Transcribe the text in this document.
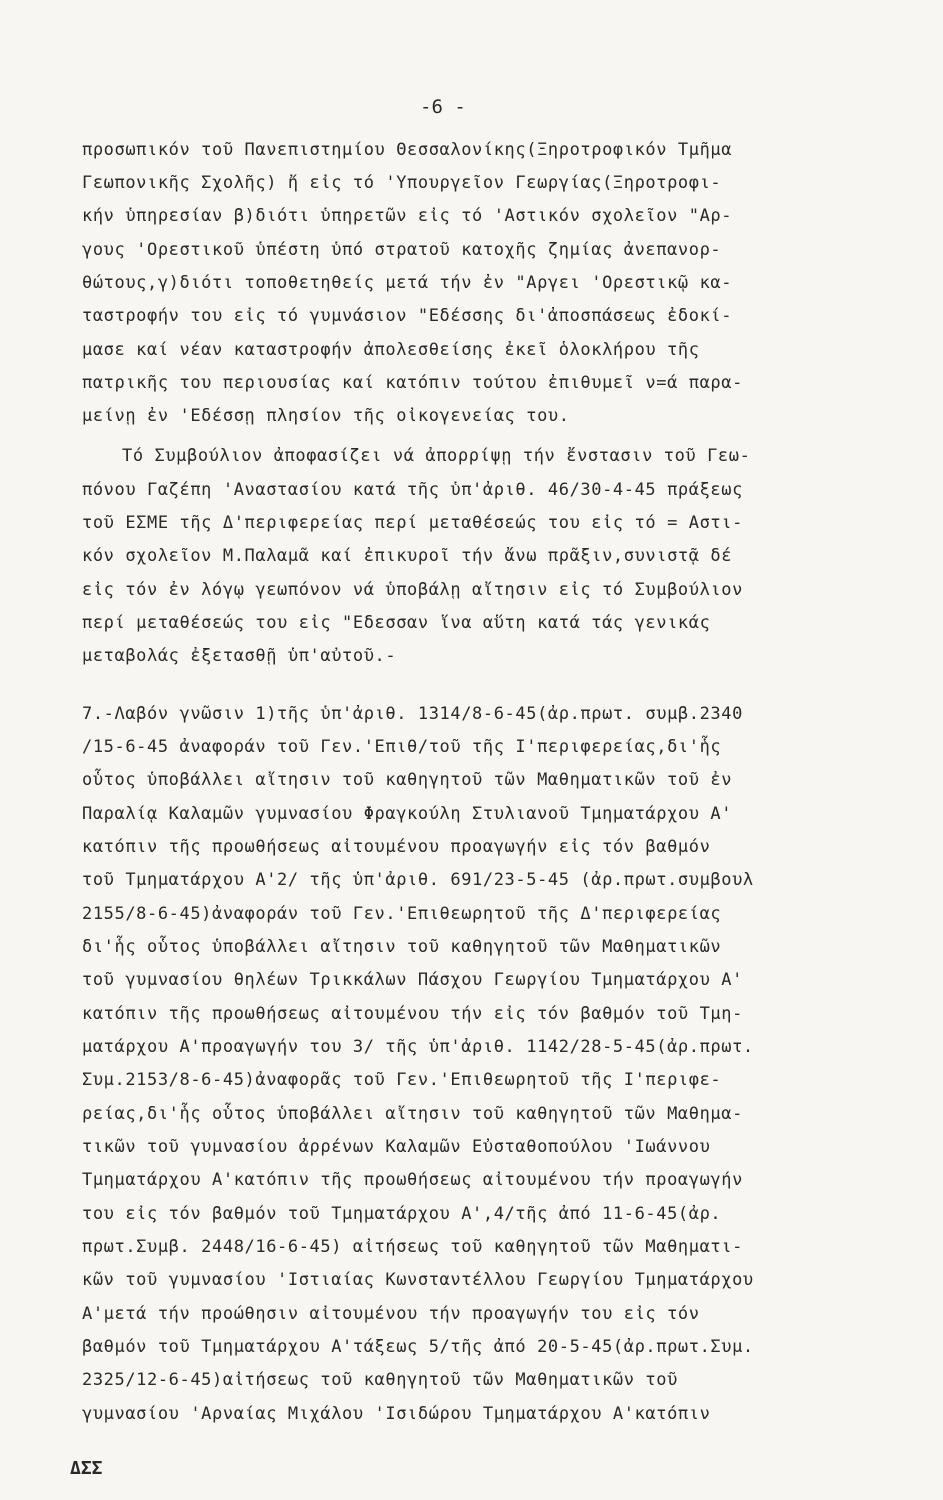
-6 -
προσωπικόν τοῦ Πανεπιστημίου Θεσσαλονίκης(Ξηροτροφικόν Τμῆμα
Γεωπονικῆς Σχολῆς) ἤ εἰς τό 'Υπουργεῖον Γεωργίας(Ξηροτροφι-
κήν ὑπηρεσίαν β)διότι ὑπηρετῶν εἰς τό 'Αστικόν σχολεῖον "Αρ-
γους 'Ορεστικοῦ ὑπέστη ὑπό στρατοῦ κατοχῆς ζημίας ἀνεπανορ-
θώτους,γ)διότι τοποθετηθείς μετά τήν ἐν "Αργει 'Ορεστικῷ κα-
ταστροφήν του εἰς τό γυμνάσιον "Εδέσσης δι'ἀποσπάσεως ἐδοκί-
μασε καί νέαν καταστροφήν ἀπολεσθείσης ἐκεῖ ὁλοκλήρου τῆς
πατρικῆς του περιουσίας καί κατόπιν τούτου ἐπιθυμεῖ ν=ά παρα-
μείνῃ ἐν 'Εδέσσῃ πλησίον τῆς οἰκογενείας του.
Τό Συμβούλιον ἀποφασίζει νά ἀπορρίψῃ τήν ἔνστασιν τοῦ Γεω-
πόνου Γαζέπη 'Αναστασίου κατά τῆς ὑπ'ἀριθ. 46/30-4-45 πράξεως
τοῦ ΕΣΜΕ τῆς Δ'περιφερείας περί μεταθέσεώς του εἰς τό = Αστι-
κόν σχολεῖον Μ.Παλαμᾶ καί ἐπικυροῖ τήν ἄνω πρᾶξιν,συνιστᾷ δέ
εἰς τόν ἐν λόγῳ γεωπόνον νά ὑποβάλῃ αἴτησιν εἰς τό Συμβούλιον
περί μεταθέσεώς του εἰς "Εδεσσαν ἵνα αὕτη κατά τάς γενικάς
μεταβολάς ἐξετασθῇ ὑπ'αὐτοῦ.-
7.-Λαβόν γνῶσιν 1)τῆς ὑπ'ἀριθ. 1314/8-6-45(ἀρ.πρωτ. συμβ.2340
/15-6-45 ἀναφοράν τοῦ Γεν.'Επιθ/τοῦ τῆς Ι'περιφερείας,δι'ἧς
οὗτος ὑποβάλλει αἴτησιν τοῦ καθηγητοῦ τῶν Μαθηματικῶν τοῦ ἐν
Παραλίᾳ Καλαμῶν γυμνασίου Φραγκούλη Στυλιανοῦ Τμηματάρχου Α'
κατόπιν τῆς προωθήσεως αἰτουμένου προαγωγήν εἰς τόν βαθμόν
τοῦ Τμηματάρχου Α'2/ τῆς ὑπ'ἀριθ. 691/23-5-45 (ἀρ.πρωτ.συμβουλ
2155/8-6-45)ἀναφοράν τοῦ Γεν.'Επιθεωρητοῦ τῆς Δ'περιφερείας
δι'ἧς οὗτος ὑποβάλλει αἴτησιν τοῦ καθηγητοῦ τῶν Μαθηματικῶν
τοῦ γυμνασίου θηλέων Τρικκάλων Πάσχου Γεωργίου Τμηματάρχου Α'
κατόπιν τῆς προωθήσεως αἰτουμένου τήν εἰς τόν βαθμόν τοῦ Τμη-
ματάρχου Α'προαγωγήν του 3/ τῆς ὑπ'ἀριθ. 1142/28-5-45(ἀρ.πρωτ.
Συμ.2153/8-6-45)ἀναφορᾶς τοῦ Γεν.'Επιθεωρητοῦ τῆς Ι'περιφε-
ρείας,δι'ἧς οὗτος ὑποβάλλει αἴτησιν τοῦ καθηγητοῦ τῶν Μαθημα-
τικῶν τοῦ γυμνασίου ἀρρένων Καλαμῶν Εὐσταθοπούλου 'Ιωάννου
Τμηματάρχου Α'κατόπιν τῆς προωθήσεως αἰτουμένου τήν προαγωγήν
του εἰς τόν βαθμόν τοῦ Τμηματάρχου Α',4/τῆς ἀπό 11-6-45(ἀρ.
πρωτ.Συμβ. 2448/16-6-45) αἰτήσεως τοῦ καθηγητοῦ τῶν Μαθηματι-
κῶν τοῦ γυμνασίου 'Ιστιαίας Κωνσταντέλλου Γεωργίου Τμηματάρχου
Α'μετά τήν προώθησιν αἰτουμένου τήν προαγωγήν του εἰς τόν
βαθμόν τοῦ Τμηματάρχου Α'τάξεως 5/τῆς ἀπό 20-5-45(ἀρ.πρωτ.Συμ.
2325/12-6-45)αἰτήσεως τοῦ καθηγητοῦ τῶν Μαθηματικῶν τοῦ
γυμνασίου 'Αρναίας Μιχάλου 'Ισιδώρου Τμηματάρχου Α'κατόπιν
ΔΣΣ
